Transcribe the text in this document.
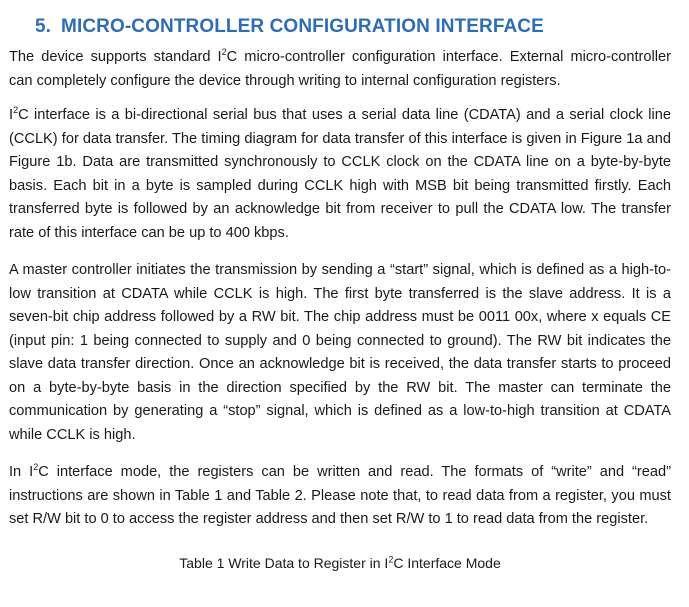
5. MICRO-CONTROLLER CONFIGURATION INTERFACE

The device supports standard $I^2C$ micro-controller configuration interface. External micro-controller can completely configure the device through writing to internal configuration registers.

$I^2C$ interface is a bi-directional serial bus that uses a serial data line (CDATA) and a serial clock line (CCLK) for data transfer. The timing diagram for data transfer of this interface is given in Figure 1a and Figure 1b. Data are transmitted synchronously to CCLK clock on the CDATA line on a byte-by-byte basis. Each bit in a byte is sampled during CCLK high with MSB bit being transmitted firstly. Each transferred byte is followed by an acknowledge bit from receiver to pull the CDATA low. The transfer rate of this interface can be up to 400 kbps.

A master controller initiates the transmission by sending a “start” signal, which is defined as a high-to-low transition at CDATA while CCLK is high. The first byte transferred is the slave address. It is a seven-bit chip address followed by a RW bit. The chip address must be 0011 00x, where x equals CE (input pin: 1 being connected to supply and 0 being connected to ground). The RW bit indicates the slave data transfer direction. Once an acknowledge bit is received, the data transfer starts to proceed on a byte-by-byte basis in the direction specified by the RW bit. The master can terminate the communication by generating a “stop” signal, which is defined as a low-to-high transition at CDATA while CCLK is high.

In $I^2C$ interface mode, the registers can be written and read. The formats of “write” and “read” instructions are shown in Table 1 and Table 2. Please note that, to read data from a register, you must set R/W bit to 0 to access the register address and then set R/W to 1 to read data from the register.

Table 1 Write Data to Register in $I^2C$ Interface Mode
